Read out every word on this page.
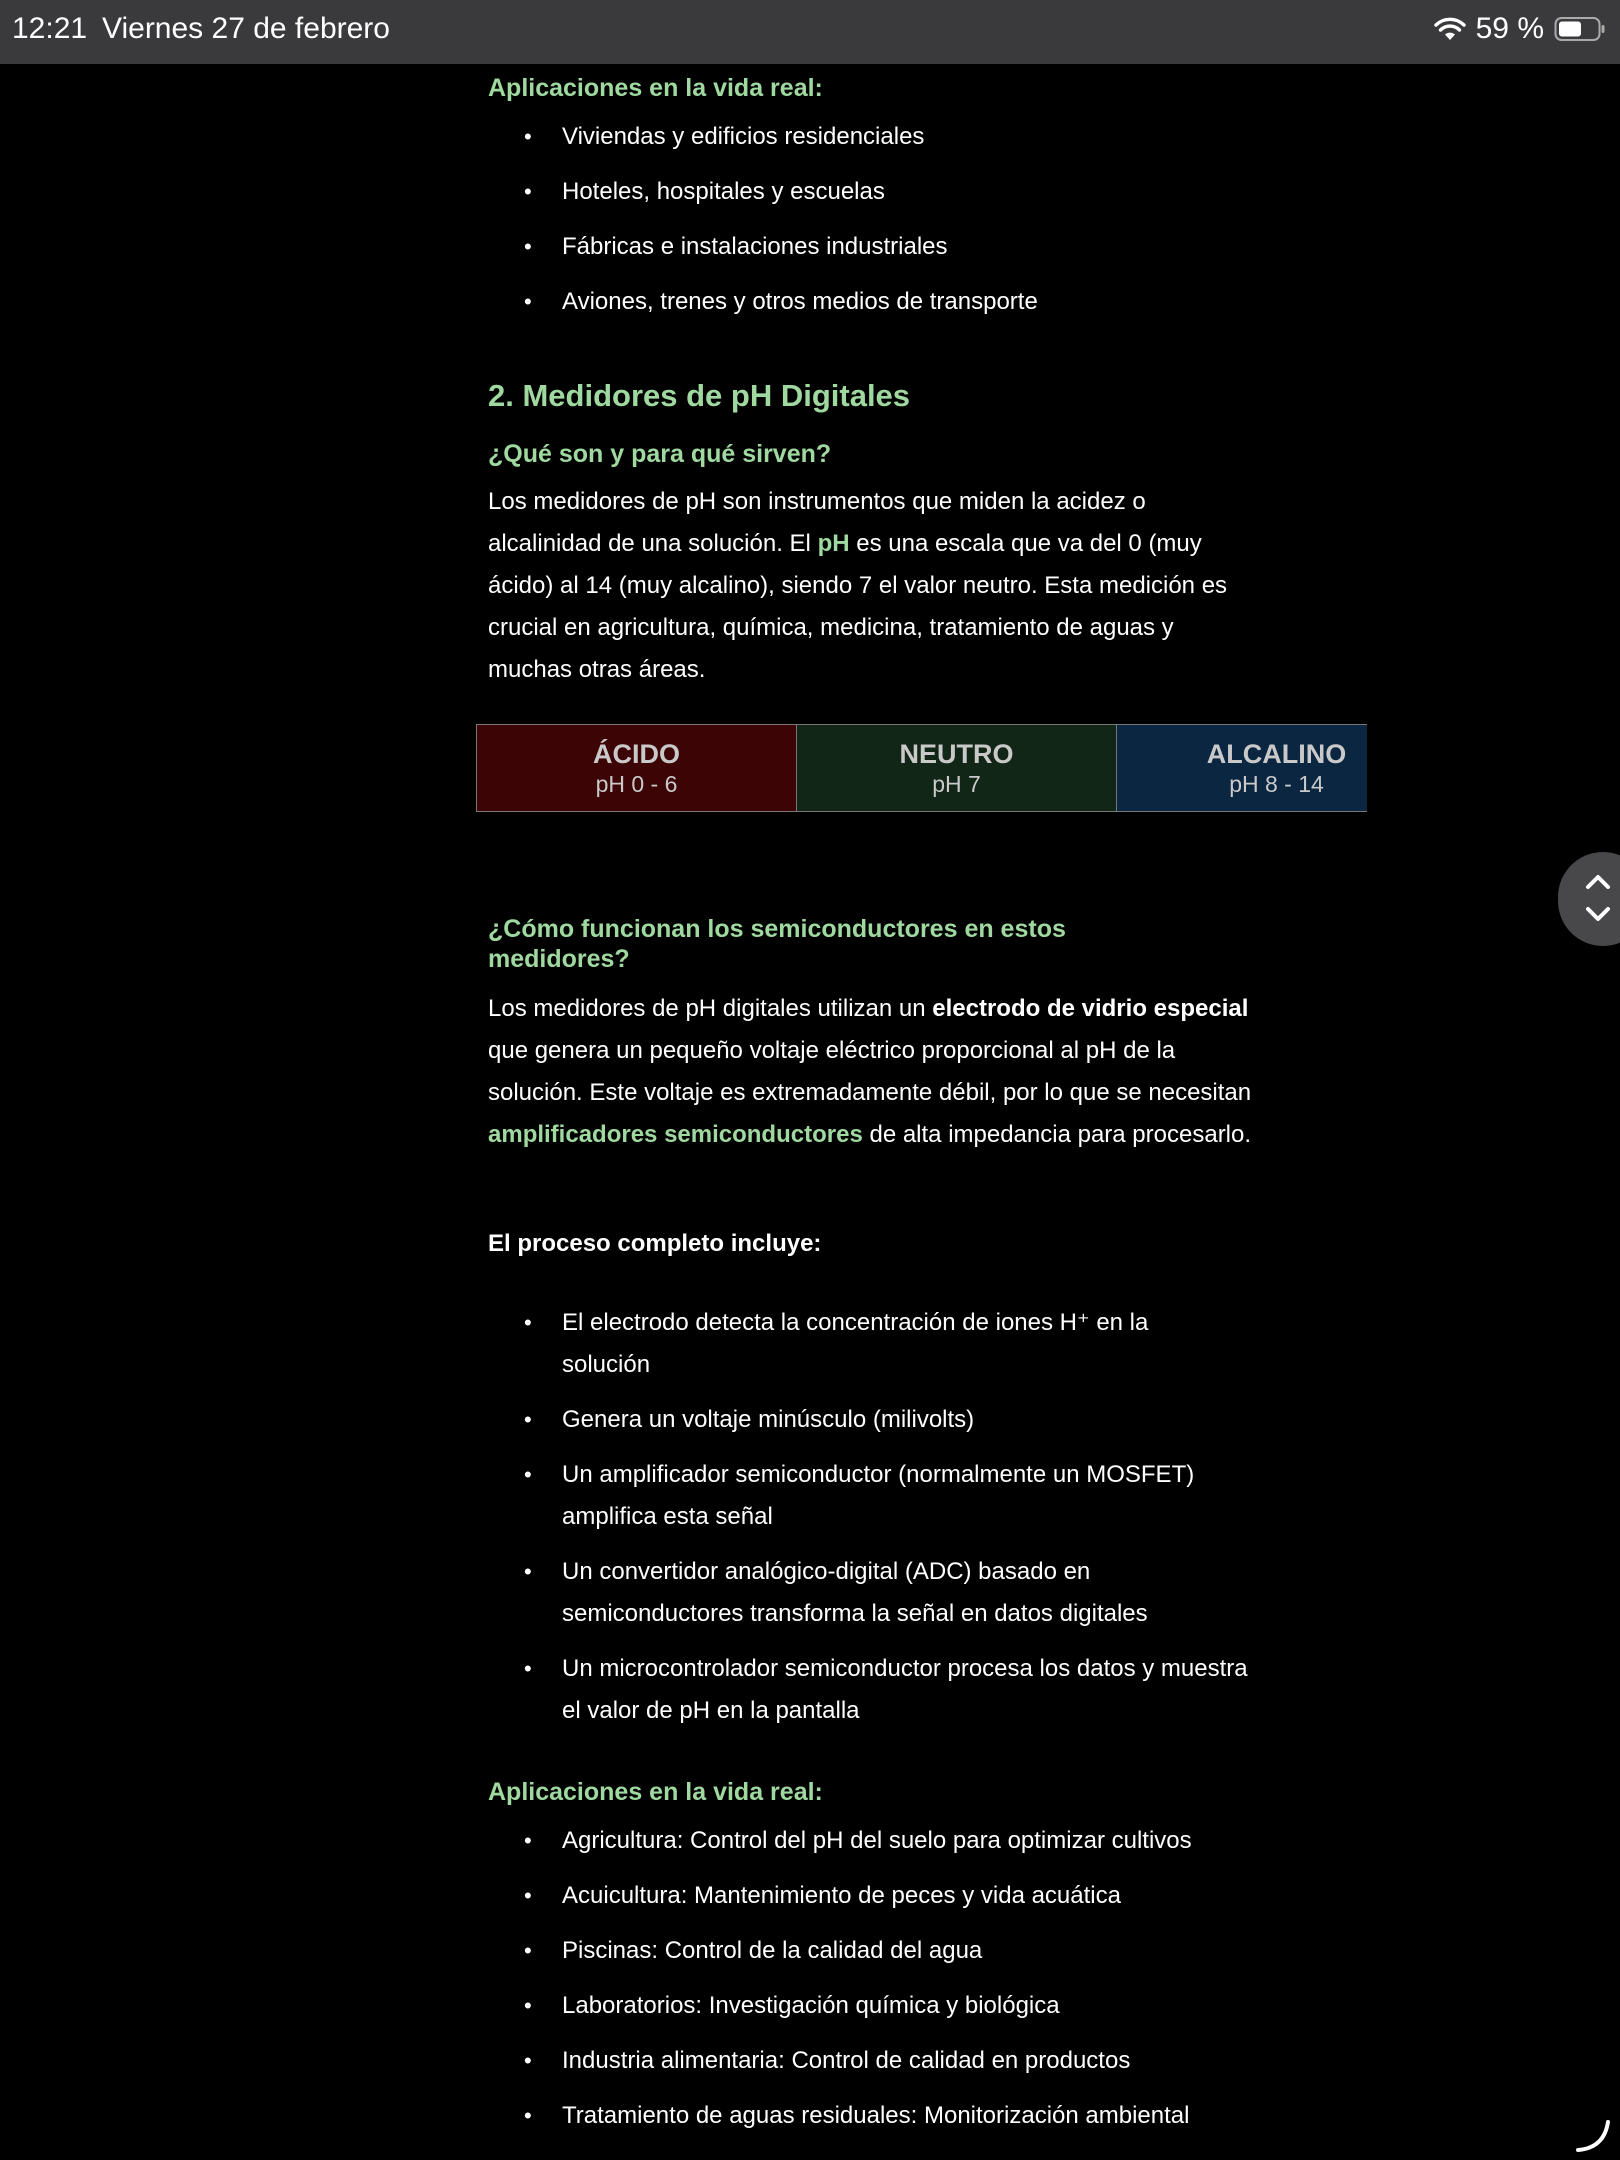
12:21 Viernes 27 de febrero	59 %
Aplicaciones en la vida real:
• Viviendas y edificios residenciales
• Hoteles, hospitales y escuelas
• Fábricas e instalaciones industriales
• Aviones, trenes y otros medios de transporte
2. Medidores de pH Digitales
¿Qué son y para qué sirven?

Los medidores de pH son instrumentos que miden la acidez o alcalinidad de una solución. El pH es una escala que va del 0 (muy ácido) al 14 (muy alcalino), siendo 7 el valor neutro. Esta medición es crucial en agricultura, química, medicina, tratamiento de aguas y muchas otras áreas.

ÁCIDO
pH 0 - 6
NEUTRO
pH 7
ALCALINO
pH 8 - 14
¿Cómo funcionan los semiconductores en estos medidores?

Los medidores de pH digitales utilizan un electrodo de vidrio especial que genera un pequeño voltaje eléctrico proporcional al pH de la solución. Este voltaje es extremadamente débil, por lo que se necesitan amplificadores semiconductores de alta impedancia para procesarlo.

El proceso completo incluye:
• El electrodo detecta la concentración de iones H⁺ en la solución
• Genera un voltaje minúsculo (milivolts)
• Un amplificador semiconductor (normalmente un MOSFET) amplifica esta señal
• Un convertidor analógico-digital (ADC) basado en semiconductores transforma la señal en datos digitales
• Un microcontrolador semiconductor procesa los datos y muestra el valor de pH en la pantalla
Aplicaciones en la vida real:
• Agricultura: Control del pH del suelo para optimizar cultivos
• Acuicultura: Mantenimiento de peces y vida acuática
• Piscinas: Control de la calidad del agua
• Laboratorios: Investigación química y biológica
• Industria alimentaria: Control de calidad en productos
• Tratamiento de aguas residuales: Monitorización ambiental
